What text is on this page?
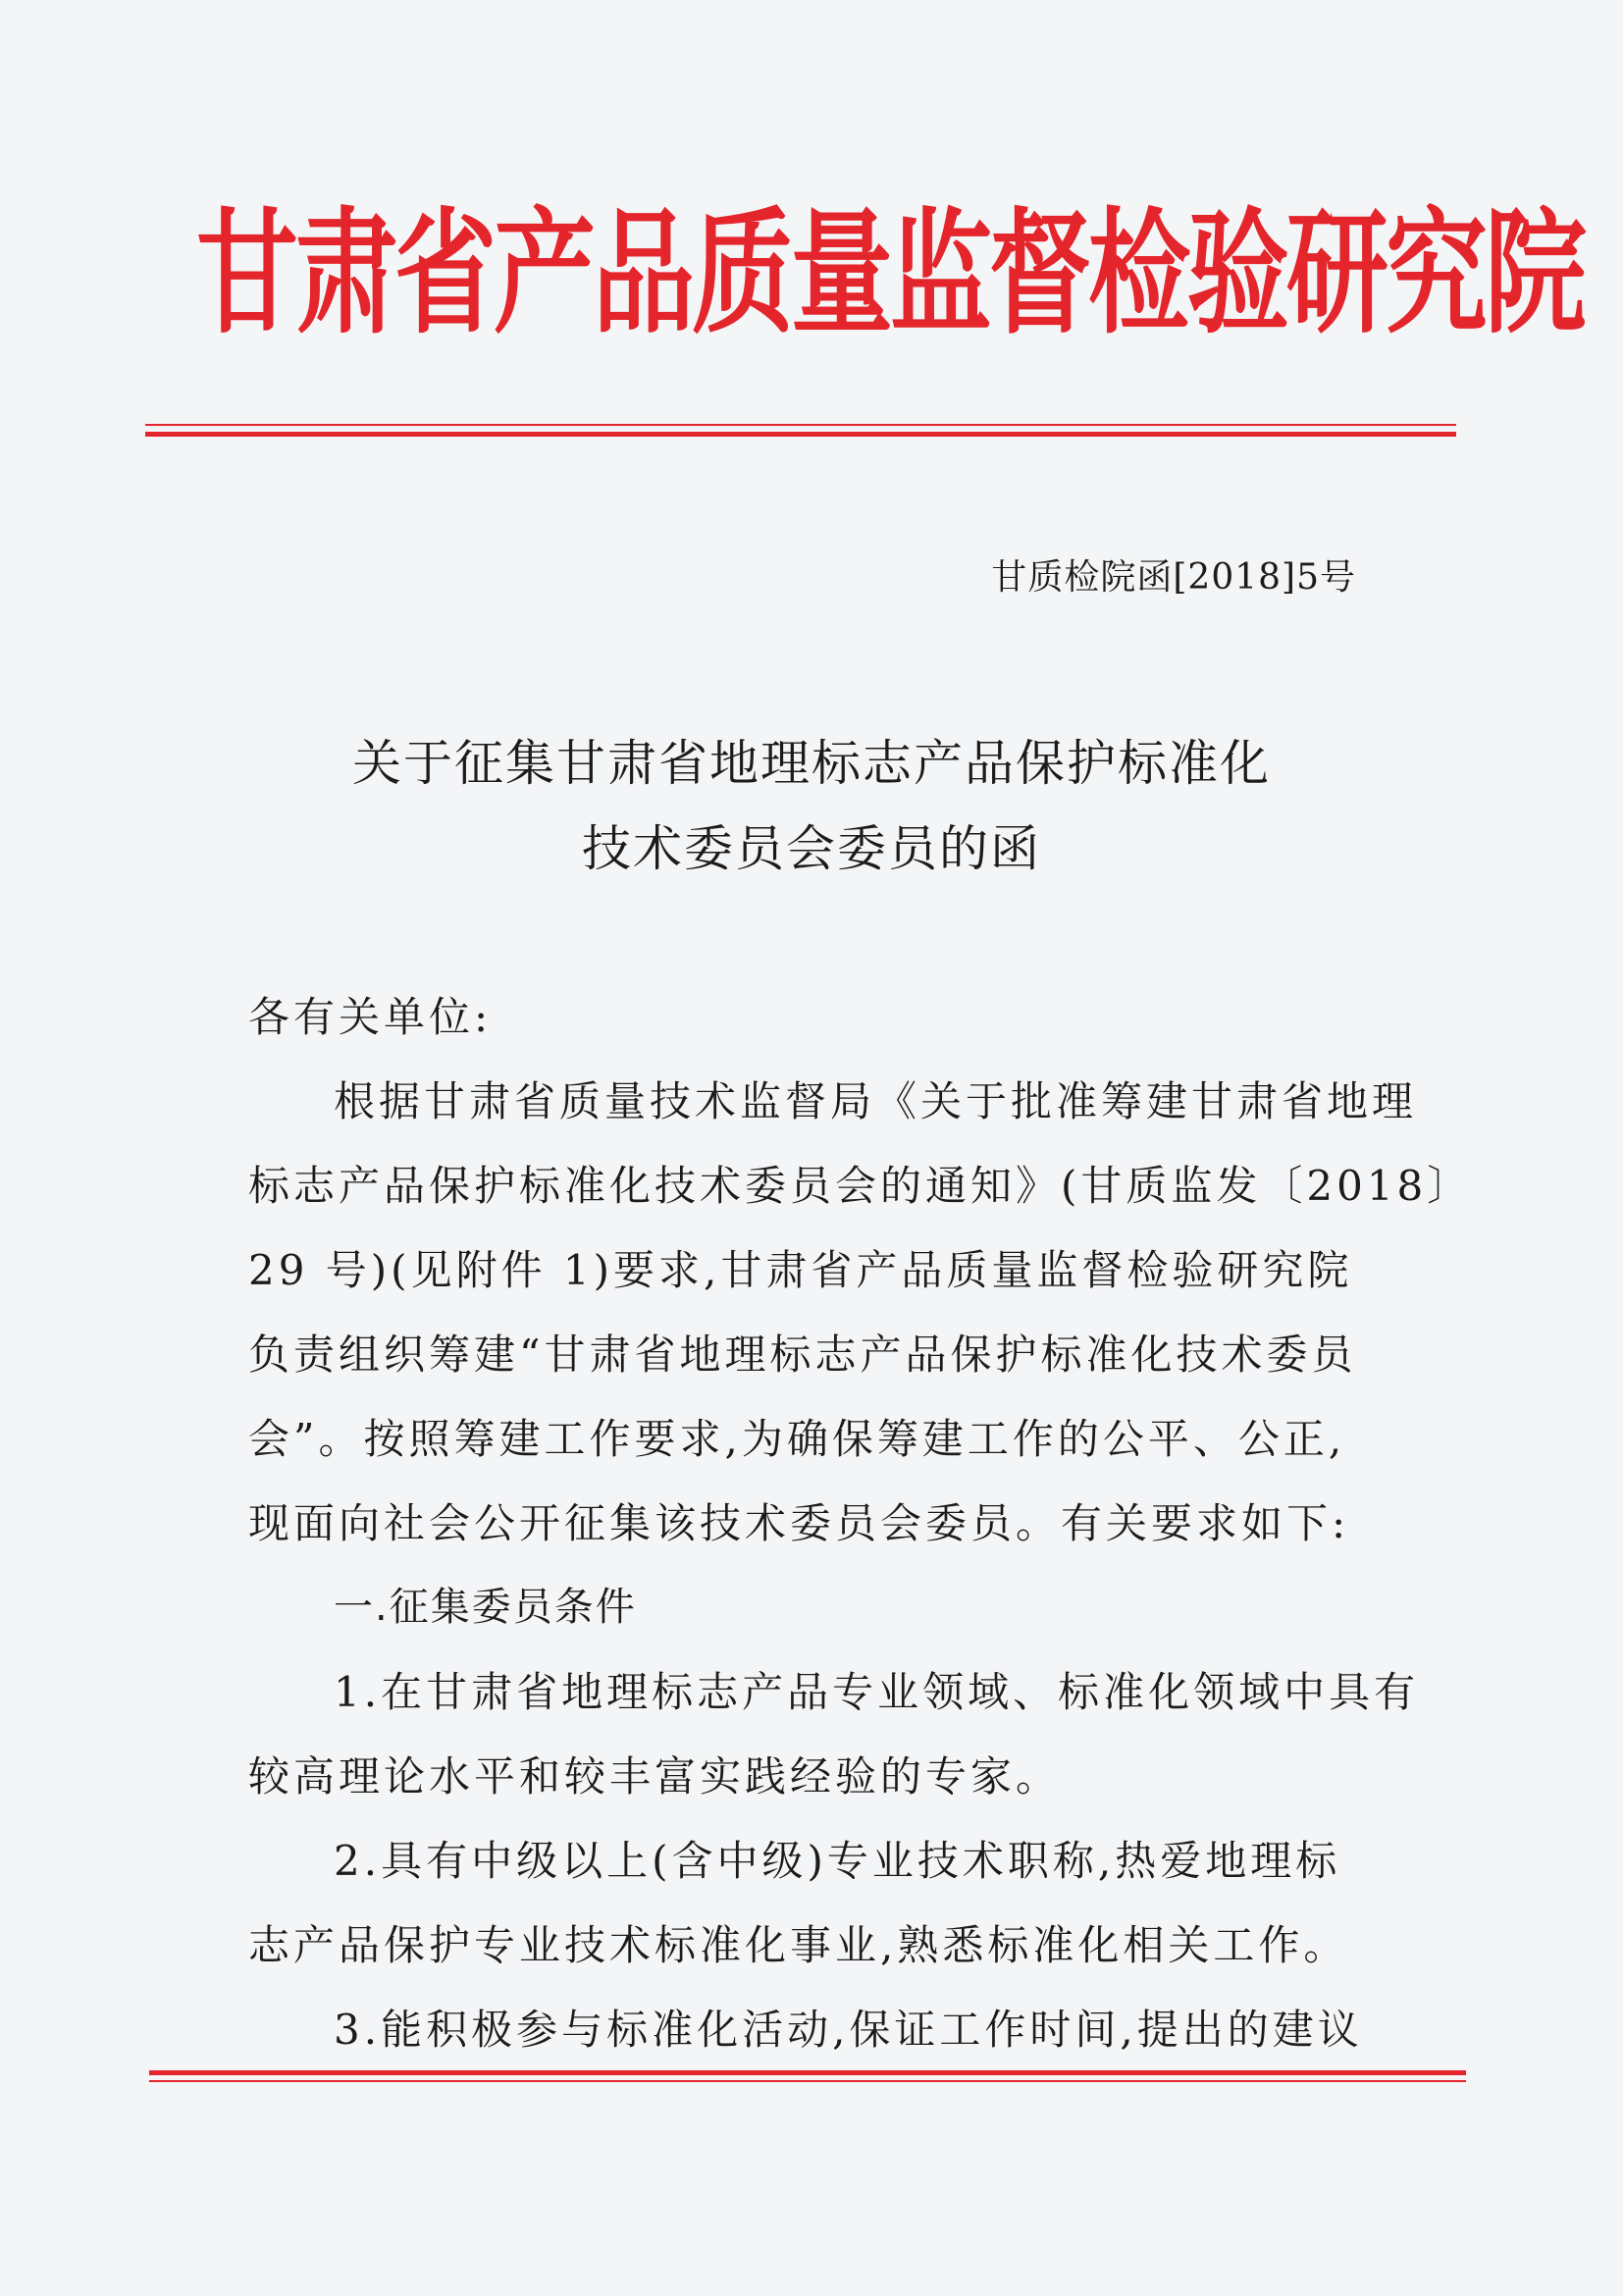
甘肃省产品质量监督检验研究院
甘质检院函[2018]5号
关于征集甘肃省地理标志产品保护标准化
技术委员会委员的函
各有关单位:
根据甘肃省质量技术监督局《关于批准筹建甘肃省地理
标志产品保护标准化技术委员会的通知》(甘质监发〔2018〕
29 号)(见附件 1)要求,甘肃省产品质量监督检验研究院
负责组织筹建“甘肃省地理标志产品保护标准化技术委员
会”。按照筹建工作要求,为确保筹建工作的公平、公正,
现面向社会公开征集该技术委员会委员。有关要求如下:
一.征集委员条件
1.在甘肃省地理标志产品专业领域、标准化领域中具有
较高理论水平和较丰富实践经验的专家。
2.具有中级以上(含中级)专业技术职称,热爱地理标
志产品保护专业技术标准化事业,熟悉标准化相关工作。
3.能积极参与标准化活动,保证工作时间,提出的建议
